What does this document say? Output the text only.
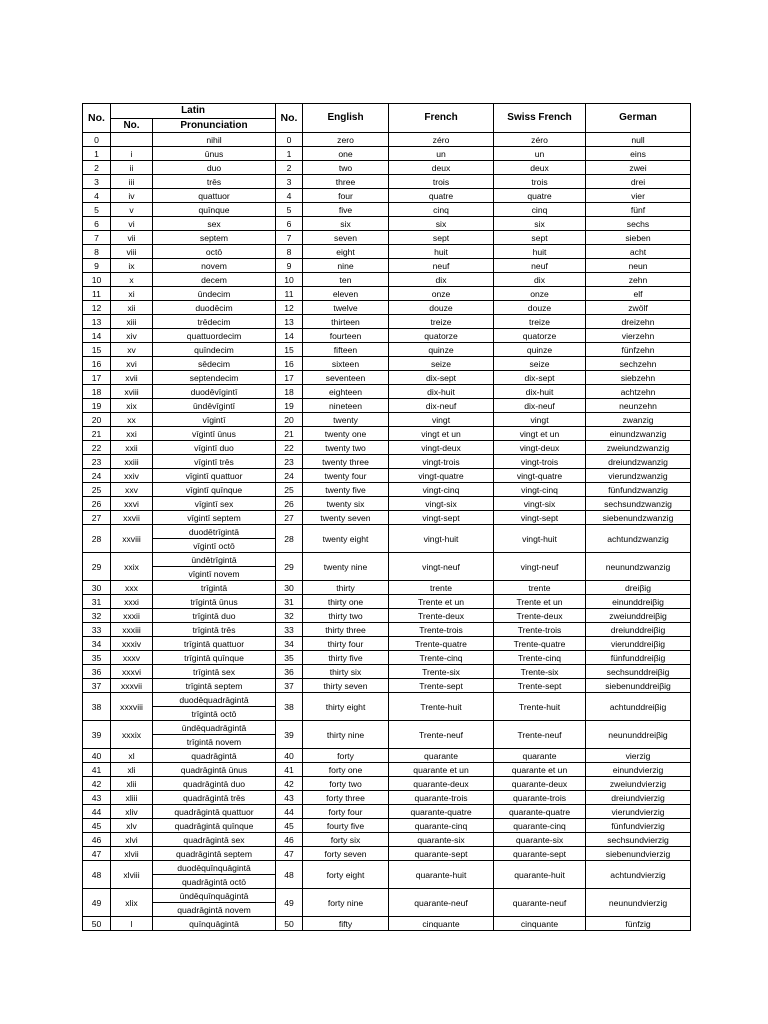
No.	Latin		No.	English	French	Swiss French	German
	No.	Pronunciation					
0		nihil	0	zero	zéro	zéro	null
1	i	ūnus	1	one	un	un	eins
2	ii	duo	2	two	deux	deux	zwei
3	iii	trēs	3	three	trois	trois	drei
4	iv	quattuor	4	four	quatre	quatre	vier
5	v	quīnque	5	five	cinq	cinq	fünf
6	vi	sex	6	six	six	six	sechs
7	vii	septem	7	seven	sept	sept	sieben
8	viii	octō	8	eight	huit	huit	acht
9	ix	novem	9	nine	neuf	neuf	neun
10	x	decem	10	ten	dix	dix	zehn
11	xi	ūndecim	11	eleven	onze	onze	elf
12	xii	duodēcim	12	twelve	douze	douze	zwölf
13	xiii	trēdecim	13	thirteen	treize	treize	dreizehn
14	xiv	quattuordecim	14	fourteen	quatorze	quatorze	vierzehn
15	xv	quīndecim	15	fifteen	quinze	quinze	fünfzehn
16	xvi	sēdecim	16	sixteen	seize	seize	sechzehn
17	xvii	septendecim	17	seventeen	dix-sept	dix-sept	siebzehn
18	xviii	duodēvīgintī	18	eighteen	dix-huit	dix-huit	achtzehn
19	xix	ūndēvīgintī	19	nineteen	dix-neuf	dix-neuf	neunzehn
20	xx	vīgintī	20	twenty	vingt	vingt	zwanzig
21	xxi	vīgintī ūnus	21	twenty one	vingt et un	vingt et un	einundzwanzig
22	xxii	vīgintī duo	22	twenty two	vingt-deux	vingt-deux	zweiundzwanzig
23	xxiii	vīgintī trēs	23	twenty three	vingt-trois	vingt-trois	dreiundzwanzig
24	xxiv	vīgintī quattuor	24	twenty four	vingt-quatre	vingt-quatre	vierundzwanzig
25	xxv	vīgintī quīnque	25	twenty five	vingt-cinq	vingt-cinq	fünfundzwanzig
26	xxvi	vīgintī sex	26	twenty six	vingt-six	vingt-six	sechsundzwanzig
27	xxvii	vīgintī septem	27	twenty seven	vingt-sept	vingt-sept	siebenundzwanzig
28	xxviii	duodētrīgintā	28	twenty eight	vingt-huit	vingt-huit	achtundzwanzig
		vīgintī octō					
29	xxix	ūndētrīgintā	29	twenty nine	vingt-neuf	vingt-neuf	neunundzwanzig
		vīgintī novem					
30	xxx	trīgintā	30	thirty	trente	trente	dreiβig
31	xxxi	trīgintā ūnus	31	thirty one	Trente et un	Trente et un	einunddreiβig
32	xxxii	trīgintā duo	32	thirty two	Trente-deux	Trente-deux	zweiunddreiβig
33	xxxiii	trīgintā trēs	33	thirty three	Trente-trois	Trente-trois	dreiunddreiβig
34	xxxiv	trīgintā quattuor	34	thirty four	Trente-quatre	Trente-quatre	vierunddreiβig
35	xxxv	trīgintā quīnque	35	thirty five	Trente-cinq	Trente-cinq	fünfunddreiβig
36	xxxvi	trīgintā sex	36	thirty six	Trente-six	Trente-six	sechsunddreiβig
37	xxxvii	trīgintā septem	37	thirty seven	Trente-sept	Trente-sept	siebenunddreiβig
38	xxxviii	duodēquadrāgintā	38	thirty eight	Trente-huit	Trente-huit	achtunddreiβig
		trīgintā octō					
39	xxxix	ūndēquadrāgintā	39	thirty nine	Trente-neuf	Trente-neuf	neununddreiβig
		trīgintā novem					
40	xl	quadrāgintā	40	forty	quarante	quarante	vierzig
41	xli	quadrāgintā ūnus	41	forty one	quarante et un	quarante et un	einundvierzig
42	xlii	quadrāgintā duo	42	forty two	quarante-deux	quarante-deux	zweiundvierzig
43	xliii	quadrāgintā trēs	43	forty three	quarante-trois	quarante-trois	dreiundvierzig
44	xliv	quadrāgintā quattuor	44	forty four	quarante-quatre	quarante-quatre	vierundvierzig
45	xlv	quadrāgintā quīnque	45	fourty five	quarante-cinq	quarante-cinq	fünfundvierzig
46	xlvi	quadrāgintā sex	46	forty six	quarante-six	quarante-six	sechsundvierzig
47	xlvii	quadrāgintā septem	47	forty seven	quarante-sept	quarante-sept	siebenundvierzig
48	xlviii	duodēquīnquāgintā	48	forty eight	quarante-huit	quarante-huit	achtundvierzig
		quadrāgintā octō					
49	xlix	ūndēquīnquāgintā	49	forty nine	quarante-neuf	quarante-neuf	neunundvierzig
		quadrāgintā novem					
50	l	quīnquāgintā	50	fifty	cinquante	cinquante	fünfzig
